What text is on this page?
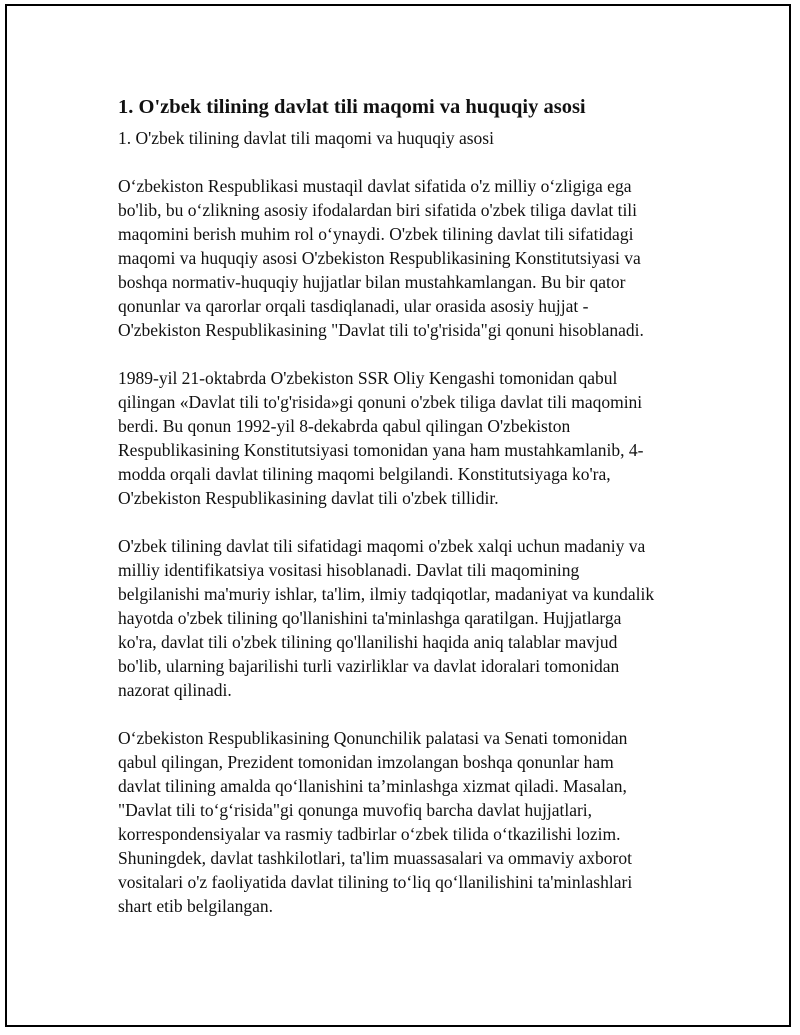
1. O'zbek tilining davlat tili maqomi va huquqiy asosi
1. O'zbek tilining davlat tili maqomi va huquqiy asosi

O‘zbekiston Respublikasi mustaqil davlat sifatida o'z milliy o‘zligiga ega
bo'lib, bu o‘zlikning asosiy ifodalardan biri sifatida o'zbek tiliga davlat tili
maqomini berish muhim rol o‘ynaydi. O'zbek tilining davlat tili sifatidagi
maqomi va huquqiy asosi O'zbekiston Respublikasining Konstitutsiyasi va
boshqa normativ-huquqiy hujjatlar bilan mustahkamlangan. Bu bir qator
qonunlar va qarorlar orqali tasdiqlanadi, ular orasida asosiy hujjat -
O'zbekiston Respublikasining "Davlat tili to'g'risida"gi qonuni hisoblanadi.

1989-yil 21-oktabrda O'zbekiston SSR Oliy Kengashi tomonidan qabul
qilingan «Davlat tili to'g'risida»gi qonuni o'zbek tiliga davlat tili maqomini
berdi. Bu qonun 1992-yil 8-dekabrda qabul qilingan O'zbekiston
Respublikasining Konstitutsiyasi tomonidan yana ham mustahkamlanib, 4-
modda orqali davlat tilining maqomi belgilandi. Konstitutsiyaga ko'ra,
O'zbekiston Respublikasining davlat tili o'zbek tillidir.

O'zbek tilining davlat tili sifatidagi maqomi o'zbek xalqi uchun madaniy va
milliy identifikatsiya vositasi hisoblanadi. Davlat tili maqomining
belgilanishi ma'muriy ishlar, ta'lim, ilmiy tadqiqotlar, madaniyat va kundalik
hayotda o'zbek tilining qo'llanishini ta'minlashga qaratilgan. Hujjatlarga
ko'ra, davlat tili o'zbek tilining qo'llanilishi haqida aniq talablar mavjud
bo'lib, ularning bajarilishi turli vazirliklar va davlat idoralari tomonidan
nazorat qilinadi.

O‘zbekiston Respublikasining Qonunchilik palatasi va Senati tomonidan
qabul qilingan, Prezident tomonidan imzolangan boshqa qonunlar ham
davlat tilining amalda qo‘llanishini ta’minlashga xizmat qiladi. Masalan,
"Davlat tili to‘g‘risida"gi qonunga muvofiq barcha davlat hujjatlari,
korrespondensiyalar va rasmiy tadbirlar o‘zbek tilida o‘tkazilishi lozim.
Shuningdek, davlat tashkilotlari, ta'lim muassasalari va ommaviy axborot
vositalari o'z faoliyatida davlat tilining to‘liq qo‘llanilishini ta'minlashlari
shart etib belgilangan.
